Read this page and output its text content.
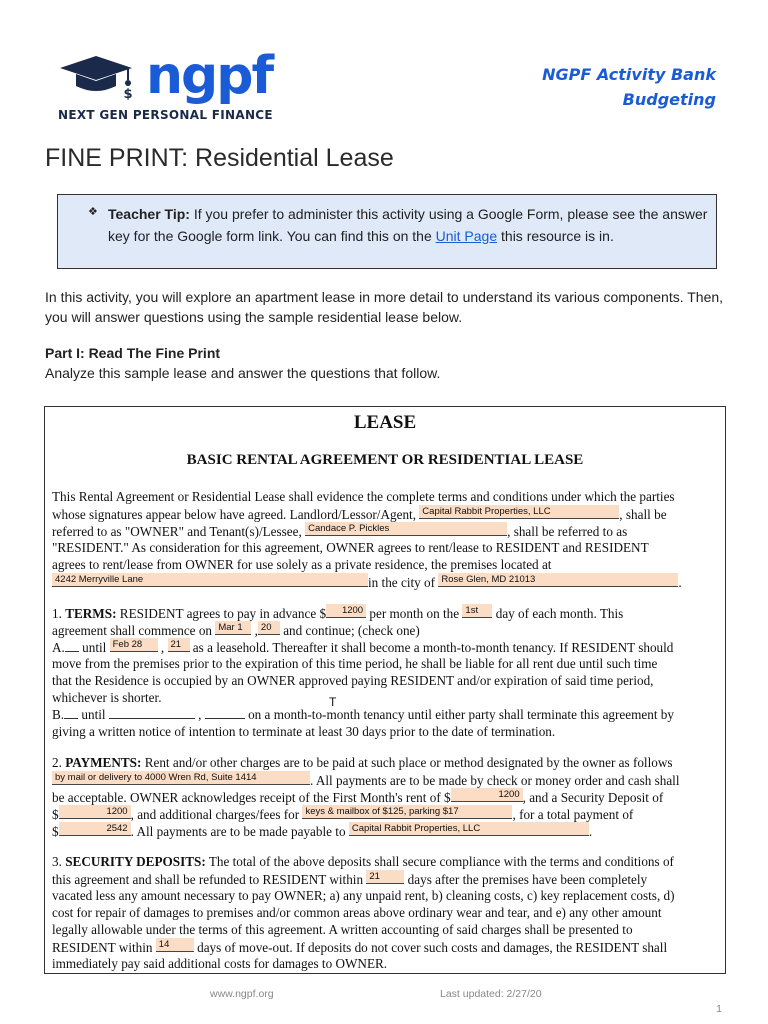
$ ngpf
NEXT GEN PERSONAL FINANCE
NGPF Activity Bank
Budgeting
FINE PRINT: Residential Lease
❖ Teacher Tip: If you prefer to administer this activity using a Google Form, please see the answer key for the Google form link. You can find this on the Unit Page this resource is in.
In this activity, you will explore an apartment lease in more detail to understand its various components. Then, you will answer questions using the sample residential lease below.
Part I: Read The Fine Print
Analyze this sample lease and answer the questions that follow.
LEASE
BASIC RENTAL AGREEMENT OR RESIDENTIAL LEASE
This Rental Agreement or Residential Lease shall evidence the complete terms and conditions under which the parties
whose signatures appear below have agreed. Landlord/Lessor/Agent, Capital Rabbit Properties, LLC	, shall be
referred to as "OWNER" and Tenant(s)/Lessee, Candace P. Pickles	, shall be referred to as
"RESIDENT." As consideration for this agreement, OWNER agrees to rent/lease to RESIDENT and RESIDENT
agrees to rent/lease from OWNER for use solely as a private residence, the premises located at
4242 Merryville Lane	in the city of Rose Glen, MD 21013	.
1. TERMS: RESIDENT agrees to pay in advance $ 1200 per month on the 1st day of each month. This
agreement shall commence on Mar 1 , 20 and continue; (check one)
A. until Feb 28 , 21 as a leasehold. Thereafter it shall become a month-to-month tenancy. If RESIDENT should
move from the premises prior to the expiration of this time period, he shall be liable for all rent due until such time
that the Residence is occupied by an OWNER approved paying RESIDENT and/or expiration of said time period,
whichever is shorter.	T
B. until	,	on a month-to-month tenancy until either party shall terminate this agreement by
giving a written notice of intention to terminate at least 30 days prior to the date of termination.
2. PAYMENTS: Rent and/or other charges are to be paid at such place or method designated by the owner as follows
by mail or delivery to 4000 Wren Rd, Suite 1414	. All payments are to be made by check or money order and cash shall
be acceptable. OWNER acknowledges receipt of the First Month's rent of $	1200 , and a Security Deposit of
$	1200 , and additional charges/fees for keys & mailbox of $125, parking $17	, for a total payment of
$	2542 . All payments are to be made payable to Capital Rabbit Properties, LLC	.
3. SECURITY DEPOSITS: The total of the above deposits shall secure compliance with the terms and conditions of
this agreement and shall be refunded to RESIDENT within 21 days after the premises have been completely
vacated less any amount necessary to pay OWNER; a) any unpaid rent, b) cleaning costs, c) key replacement costs, d)
cost for repair of damages to premises and/or common areas above ordinary wear and tear, and e) any other amount
legally allowable under the terms of this agreement. A written accounting of said charges shall be presented to
RESIDENT within 14 days of move-out. If deposits do not cover such costs and damages, the RESIDENT shall
immediately pay said additional costs for damages to OWNER.
www.ngpf.org	Last updated: 2/27/20
1
